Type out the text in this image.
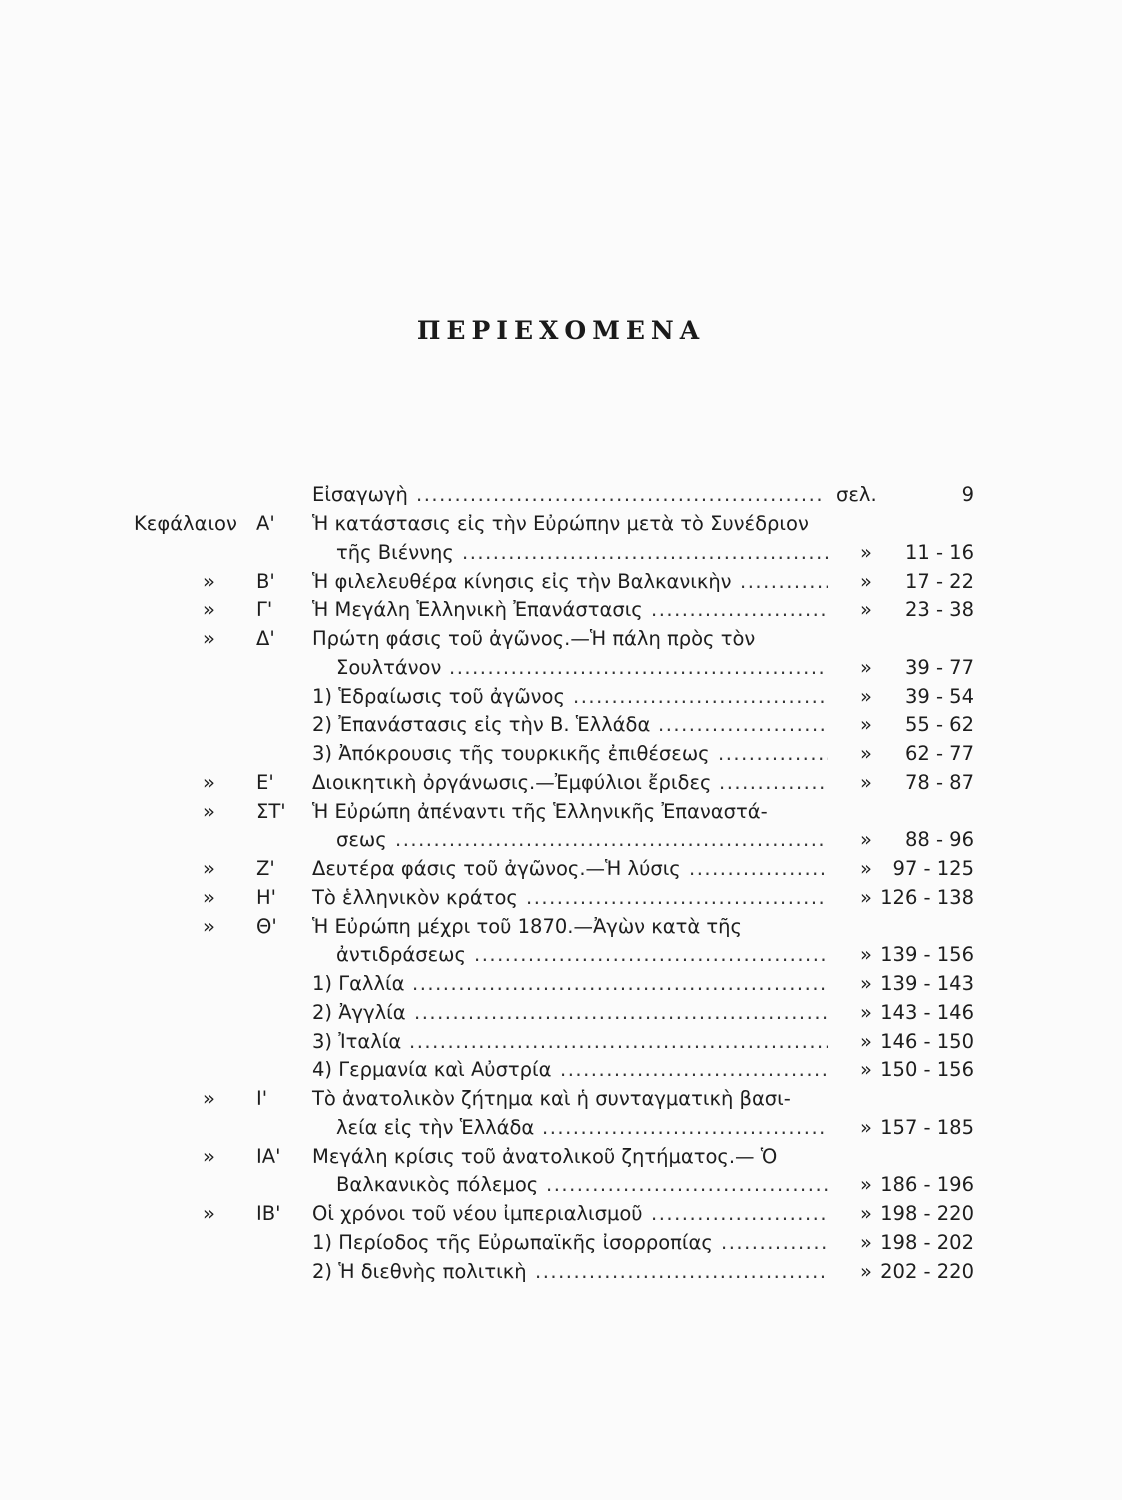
ΠΕΡΙΕΧΟΜΕΝΑ
Εἰσαγωγὴ
.....	σελ.	9
Κεφάλαιον Α' Ἡ κατάστασις εἰς τὴν Εὐρώπην μετὰ τὸ Συνέδριον
τῆς Βιέννης	»	11 - 16
.....
»	Β' Ἡ φιλελευθέρα κίνησις εἰς τὴν Βαλκανικὴν	»	17 - 22
.....
»	Γ' Ἡ Μεγάλη Ἑλληνικὴ Ἐπανάστασις	»	23 - 38
.....
»	Δ' Πρώτη φάσις τοῦ ἀγῶνος.—Ἡ πάλη πρὸς τὸν
Σουλτάνον	»	39 - 77
.....
1) Ἑδραίωσις τοῦ ἀγῶνος	»	39 - 54
.....
2) Ἐπανάστασις εἰς τὴν Β. Ἑλλάδα	»	55 - 62
.....
3) Ἀπόκρουσις τῆς τουρκικῆς ἐπιθέσεως	»	62 - 77
.....
»	Ε' Διοικητικὴ ὀργάνωσις.—Ἐμφύλιοι ἔριδες	»	78 - 87
.....
»	ΣΤ' Ἡ Εὐρώπη ἀπέναντι τῆς Ἑλληνικῆς Ἐπαναστά-
σεως	»	88 - 96
.....
»	Ζ' Δευτέρα φάσις τοῦ ἀγῶνος.—Ἡ λύσις	»	97 - 125
.....
»	Η' Τὸ ἑλληνικὸν κράτος	» 126 - 138
.....
»	Θ' Ἡ Εὐρώπη μέχρι τοῦ 1870.—Ἀγὼν κατὰ τῆς
ἀντιδράσεως	» 139 - 156
.....
1) Γαλλία	» 139 - 143
.....
2) Ἀγγλία	» 143 - 146
.....
3) Ἰταλία	» 146 - 150
.....
4) Γερμανία καὶ Αὐστρία	» 150 - 156
.....
»	Ι' Τὸ ἀνατολικὸν ζήτημα καὶ ἡ συνταγματικὴ βασι-
λεία εἰς τὴν Ἑλλάδα	» 157 - 185
.....
»	ΙΑ' Μεγάλη κρίσις τοῦ ἀνατολικοῦ ζητήματος.— Ὁ
Βαλκανικὸς πόλεμος	» 186 - 196
.....
»	ΙΒ' Οἱ χρόνοι τοῦ νέου ἰμπεριαλισμοῦ	» 198 - 220
.....
1) Περίοδος τῆς Εὐρωπαϊκῆς ἰσορροπίας	» 198 - 202
.....
2) Ἡ διεθνὴς πολιτικὴ	» 202 - 220
.....
